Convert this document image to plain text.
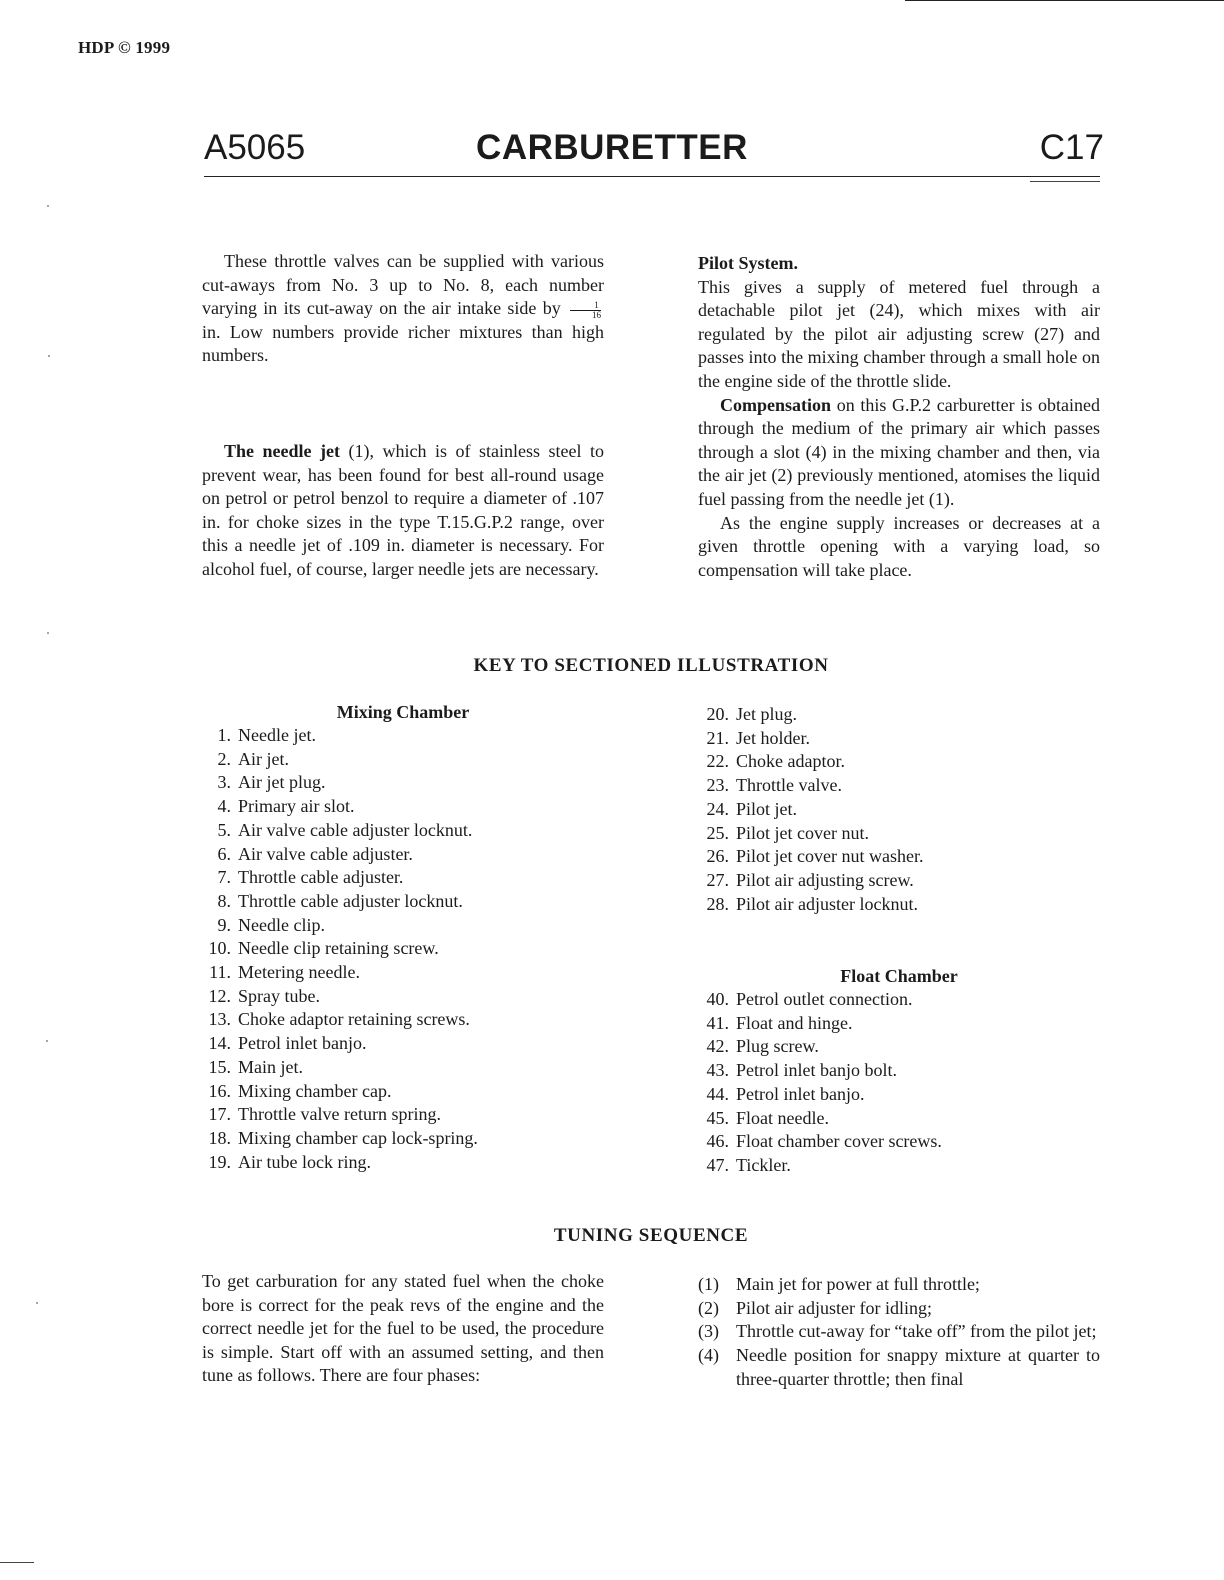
HDP © 1999
A5065	CARBURETTER	C17

These throttle valves can be supplied with various cut-aways from No. 3 up to No. 8, each number varying in its cut-away on the air intake side by $\frac{1}{16}$
in. Low numbers provide richer mixtures than high numbers.

The needle jet (1), which is of stainless steel to prevent wear, has been found for best all-round usage on petrol or petrol benzol to require a diameter of .107 in. for choke sizes in the type T.15.G.P.2 range, over this a needle jet of .109 in. diameter is necessary. For alcohol fuel, of course, larger needle jets are necessary.

Pilot System.

This gives a supply of metered fuel through a detachable pilot jet (24), which mixes with air regulated by the pilot air adjusting screw (27) and passes into the mixing chamber through a small hole on the engine side of the throttle slide.

Compensation on this G.P.2 carburetter is obtained through the medium of the primary air which passes through a slot (4) in the mixing chamber and then, via the air jet (2) previously mentioned, atomises the liquid fuel passing from the needle jet (1).

As the engine supply increases or decreases at a given throttle opening with a varying load, so compensation will take place.

KEY TO SECTIONED ILLUSTRATION
Mixing Chamber
1. Needle jet.
2. Air jet.
3. Air jet plug.
4. Primary air slot.
5. Air valve cable adjuster locknut.
6. Air valve cable adjuster.
7. Throttle cable adjuster.
8. Throttle cable adjuster locknut.
9. Needle clip.
10. Needle clip retaining screw.
11. Metering needle.
12. Spray tube.
13. Choke adaptor retaining screws.
14. Petrol inlet banjo.
15. Main jet.
16. Mixing chamber cap.
17. Throttle valve return spring.
18. Mixing chamber cap lock-spring.
19. Air tube lock ring.
20. Jet plug.
21. Jet holder.
22. Choke adaptor.
23. Throttle valve.
24. Pilot jet.
25. Pilot jet cover nut.
26. Pilot jet cover nut washer.
27. Pilot air adjusting screw.
28. Pilot air adjuster locknut.
Float Chamber
40. Petrol outlet connection.
41. Float and hinge.
42. Plug screw.
43. Petrol inlet banjo bolt.
44. Petrol inlet banjo.
45. Float needle.
46. Float chamber cover screws.
47. Tickler.
TUNING SEQUENCE

To get carburation for any stated fuel when the choke bore is correct for the peak revs of the engine and the correct needle jet for the fuel to be used, the procedure is simple. Start off with an assumed setting, and then tune as follows. There are four phases:

(1) Main jet for power at full throttle;
(2) Pilot air adjuster for idling;
(3) Throttle cut-away for “take off” from the pilot jet;
(4) Needle position for snappy mixture at quarter to three-quarter throttle; then final
